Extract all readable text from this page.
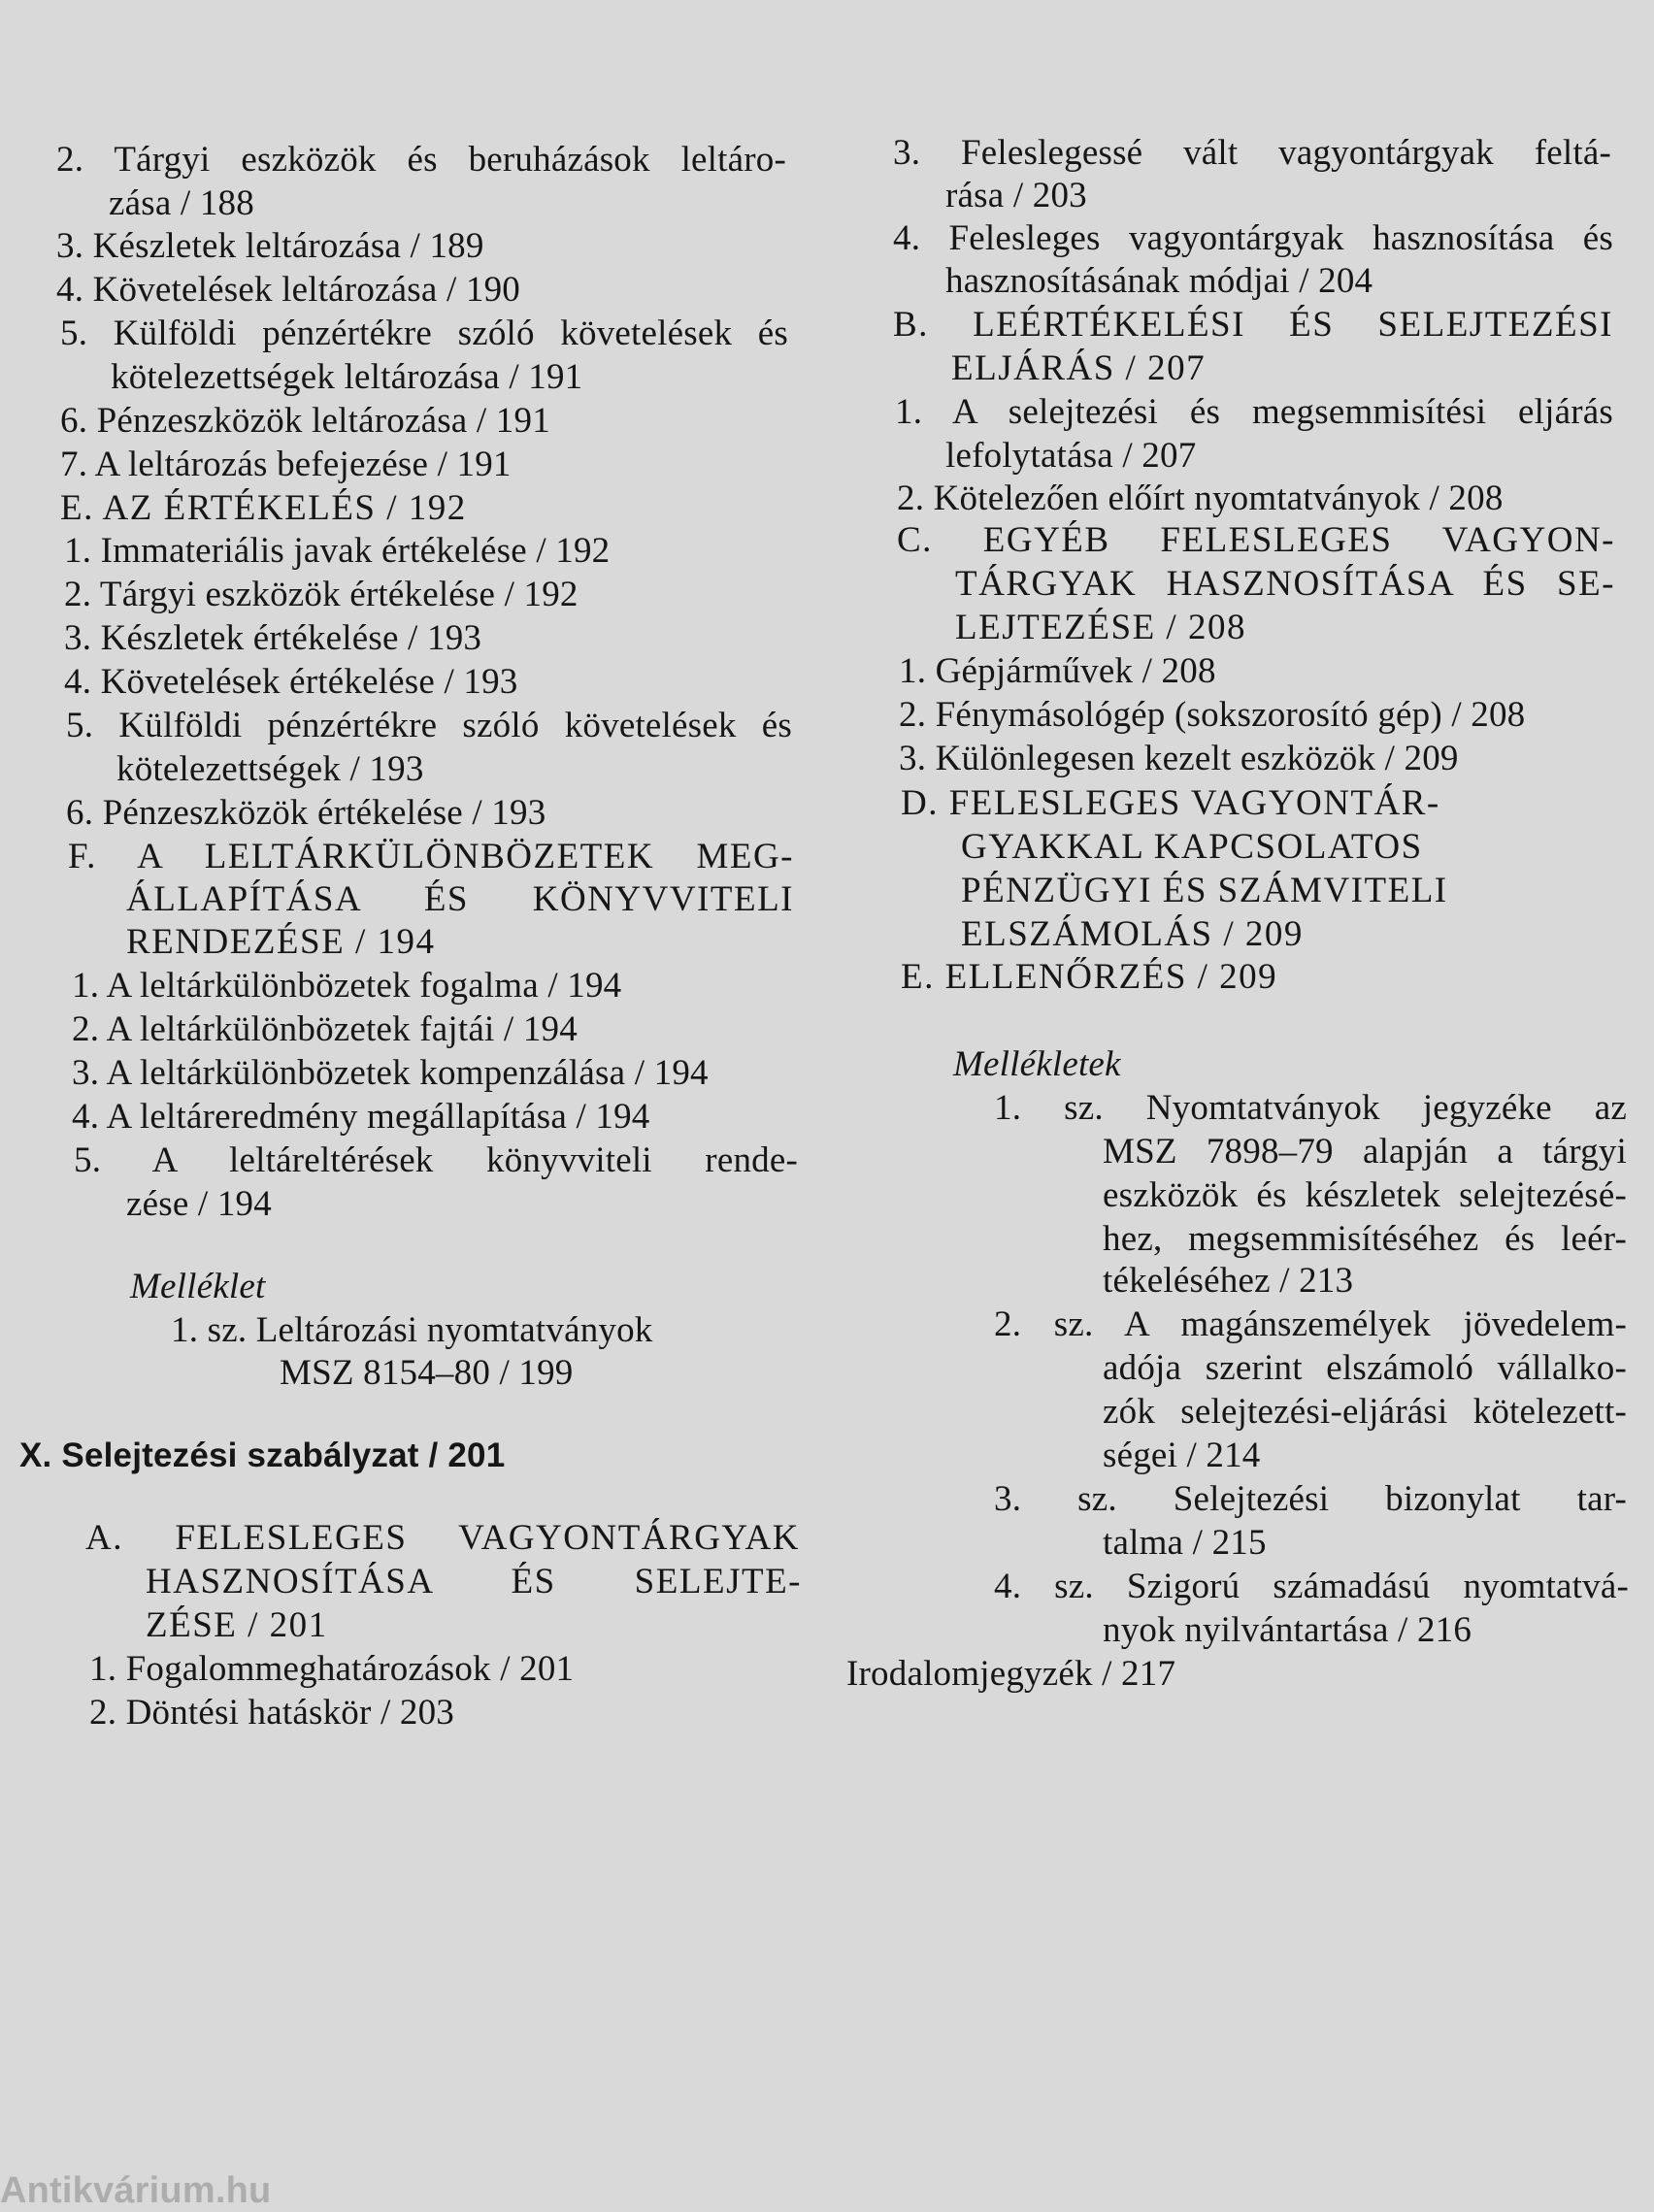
2. Tárgyi eszközök és beruházások leltáro-
zása / 188
3. Készletek leltározása / 189
4. Követelések leltározása / 190
5. Külföldi pénzértékre szóló követelések és
kötelezettségek leltározása / 191
6. Pénzeszközök leltározása / 191
7. A leltározás befejezése / 191
E. AZ ÉRTÉKELÉS / 192
1. Immateriális javak értékelése / 192
2. Tárgyi eszközök értékelése / 192
3. Készletek értékelése / 193
4. Követelések értékelése / 193
5. Külföldi pénzértékre szóló követelések és
kötelezettségek / 193
6. Pénzeszközök értékelése / 193
F. A LELTÁRKÜLÖNBÖZETEK MEG-
ÁLLAPÍTÁSA ÉS KÖNYVVITELI
RENDEZÉSE / 194
1. A leltárkülönbözetek fogalma / 194
2. A leltárkülönbözetek fajtái / 194
3. A leltárkülönbözetek kompenzálása / 194
4. A leltáreredmény megállapítása / 194
5. A leltáreltérések könyvviteli rende-
zése / 194
Melléklet
1. sz. Leltározási nyomtatványok
MSZ 8154–80 / 199
X. Selejtezési szabályzat / 201
A. FELESLEGES VAGYONTÁRGYAK
HASZNOSÍTÁSA ÉS SELEJTE-
ZÉSE / 201
1. Fogalommeghatározások / 201
2. Döntési hatáskör / 203
3. Feleslegessé vált vagyontárgyak feltá-
rása / 203
4. Felesleges vagyontárgyak hasznosítása és
hasznosításának módjai / 204
B. LEÉRTÉKELÉSI ÉS SELEJTEZÉSI
ELJÁRÁS / 207
1. A selejtezési és megsemmisítési eljárás
lefolytatása / 207
2. Kötelezően előírt nyomtatványok / 208
C. EGYÉB FELESLEGES VAGYON-
TÁRGYAK HASZNOSÍTÁSA ÉS SE-
LEJTEZÉSE / 208
1. Gépjárművek / 208
2. Fénymásológép (sokszorosító gép) / 208
3. Különlegesen kezelt eszközök / 209
D. FELESLEGES VAGYONTÁR-
GYAKKAL KAPCSOLATOS
PÉNZÜGYI ÉS SZÁMVITELI
ELSZÁMOLÁS / 209
E. ELLENŐRZÉS / 209
Mellékletek
1. sz. Nyomtatványok jegyzéke az
MSZ 7898–79 alapján a tárgyi
eszközök és készletek selejtezésé-
hez, megsemmisítéséhez és leér-
tékeléséhez / 213
2. sz. A magánszemélyek jövedelem-
adója szerint elszámoló vállalko-
zók selejtezési-eljárási kötelezett-
ségei / 214
3. sz. Selejtezési bizonylat tar-
talma / 215
4. sz. Szigorú számadású nyomtatvá-
nyok nyilvántartása / 216
Irodalomjegyzék / 217
Antikvárium.hu
